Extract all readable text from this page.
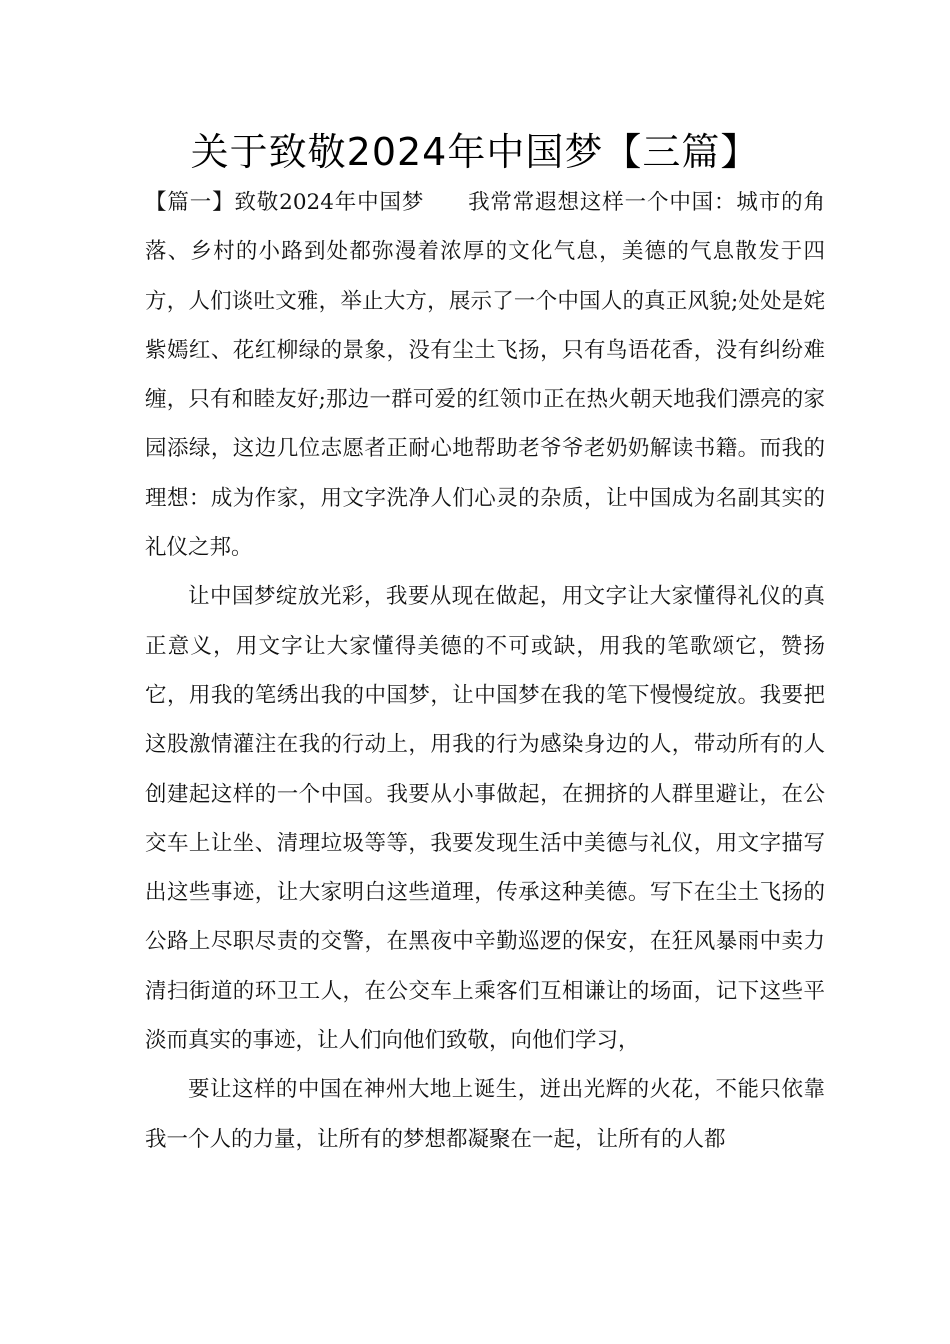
关于致敬2024年中国梦【三篇】

【篇一】致敬2024年中国梦 我常常遐想这样一个中国：城市的角落、乡村的小路到处都弥漫着浓厚的文化气息，美德的气息散发于四方，人们谈吐文雅，举止大方，展示了一个中国人的真正风貌;处处是姹紫嫣红、花红柳绿的景象，没有尘土飞扬，只有鸟语花香，没有纠纷难缠，只有和睦友好;那边一群可爱的红领巾正在热火朝天地我们漂亮的家园添绿，这边几位志愿者正耐心地帮助老爷爷老奶奶解读书籍。而我的理想：成为作家，用文字洗净人们心灵的杂质，让中国成为名副其实的礼仪之邦。

让中国梦绽放光彩，我要从现在做起，用文字让大家懂得礼仪的真正意义，用文字让大家懂得美德的不可或缺，用我的笔歌颂它，赞扬它，用我的笔绣出我的中国梦，让中国梦在我的笔下慢慢绽放。我要把这股激情灌注在我的行动上，用我的行为感染身边的人，带动所有的人创建起这样的一个中国。我要从小事做起，在拥挤的人群里避让，在公交车上让坐、清理垃圾等等，我要发现生活中美德与礼仪，用文字描写出这些事迹，让大家明白这些道理，传承这种美德。写下在尘土飞扬的公路上尽职尽责的交警，在黑夜中辛勤巡逻的保安，在狂风暴雨中卖力清扫街道的环卫工人，在公交车上乘客们互相谦让的场面，记下这些平淡而真实的事迹，让人们向他们致敬，向他们学习，

要让这样的中国在神州大地上诞生，迸出光辉的火花，不能只依靠我一个人的力量，让所有的梦想都凝聚在一起，让所有的人都
